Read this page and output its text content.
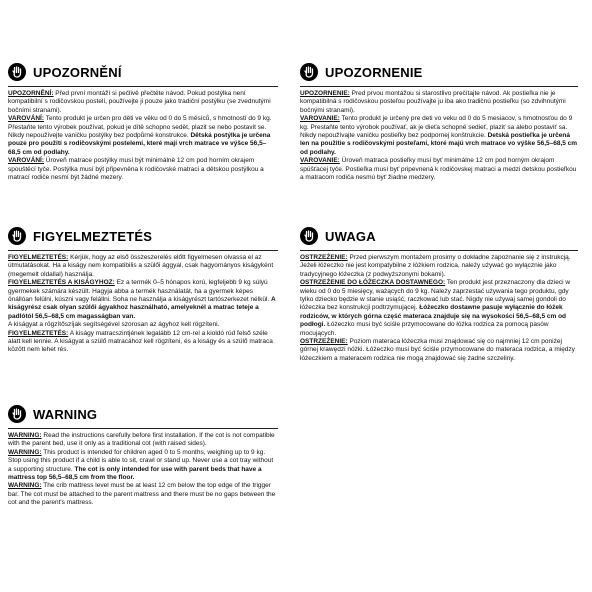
UPOZORNĚNÍ

UPOZORNĚNÍ: Před první montáží si pečlivě přečtěte návod. Pokud postýlka není kompatibilní s rodičovskou postelí, používejte ji pouze jako tradiční postýlku (se zvednutými bočními stranami).

VAROVÁNÍ: Tento produkt je určen pro děti ve věku od 0 do 5 měsíců, s hmotností do 9 kg. Přestaňte tento výrobek používat, pokud je dítě schopno sedět, plazit se nebo postavit se. Nikdy nepoužívejte vaničku postýlky bez podpůrné konstrukce. Dětská postýlka je určena pouze pro použití s rodičovskými postelemi, které mají vrch matrace ve výšce 56,5–68,5 cm od podlahy.

VAROVÁNÍ: Úroveň matrace postýlky musí být minimálně 12 cm pod horním okrajem spouštěcí tyče. Postýlka musí být připevněna k rodičovské matraci a dětskou postýlkou a matrací rodiče nesmí být žádné mezery.

FIGYELMEZTETÉS

FIGYELMEZTETÉS: Kérjük, hogy az első összeszerelés előtt figyelmesen olvassa el az útmutatásokat. Ha a kiságy nem kompatibilis a szülői ággyal, csak hagyományos kiságyként (megemelt oldallal) használja.

FIGYELMEZTETÉS A KISÁGYHOZ: Ez a termék 0–5 hónapos korú, legfeljebb 9 kg súlyú gyermekek számára készült. Hagyja abba a termék használatát, ha a gyermek képes önállóan felülni, kúszni vagy felállni. Soha ne használja a kiságyrészt tartószerkezet nélkül. A kiságyrész csak olyan szülői ágyakhoz használható, amelyeknél a matrac teteje a padlótól 56,5–68,5 cm magasságban van.

A kiságyat a rögzítőszíjak segítségével szorosan az ágyhoz kell rögzíteni.

FIGYELMEZTETÉS: A kiságy matracszintjének legalább 12 cm-rel a kioldó rúd felső széle alatt kell lennie. A kiságyat a szülő matracához kell rögzíteni, és a kiságy és a szülő matraca között nem lehet rés.

WARNING

WARNING: Read the instructions carefully before first installation. If the cot is not compatible with the parent bed, use it only as a traditional cot (with raised sides).

WARNING: This product is intended for children aged 0 to 5 months, weighing up to 9 kg. Stop using this product if a child is able to sit, crawl or stand up. Never use a cot tray without a supporting structure. The cot is only intended for use with parent beds that have a mattress top 56,5–68,5 cm from the floor.

WARNING: The crib mattress level must be at least 12 cm below the top edge of the trigger bar. The cot must be attached to the parent mattress and there must be no gaps between the cot and the parent's mattress.

UPOZORNENIE

UPOZORNENIE: Pred prvou montážou si starostlivo prečítajte návod. Ak postieľka nie je kompatibilná s rodičovskou posteľou používajte ju iba ako tradičnú postieľku (so zdvihnutými bočnými stranami).

VAROVANIE: Tento produkt je určený pre deti vo veku od 0 do 5 mesiacov, s hmotnosťou do 9 kg. Prestaňte tento výrobok používať, ak je dieťa schopné sedieť, plaziť sa alebo postaviť sa. Nikdy nepoužívajte vaničku postieľky bez podpornej konštrukcie. Detská postieľka je určená len na použitie s rodičovskými posteľami, ktoré majú vrch matrace vo výške 56,5–68,5 cm od podlahy.

VAROVANIE: Úroveň matraca postieľky musí byť minimálne 12 cm pod horným okrajom spúšťacej tyče. Postieľka musí byť pripevnená k rodičovskej matraci a medzi detskou postieľkou a matracom rodiča nesmú byť žiadne medzery.

UWAGA

OSTRZEŻENIE: Przed pierwszym montażem prosimy o dokładne zapoznanie się z instrukcją. Jeżeli łóżeczko nie jest kompatybilne z łóżkiem rodzica, należy używać go wyłącznie jako tradycyjnego łóżeczka (z podwyższonymi bokami).

OSTRZEŻENIE DO ŁÓŻECZKA DOSTAWNEGO: Ten produkt jest przeznaczony dla dzieci w wieku od 0 do 5 miesięcy, ważących do 9 kg. Należy zaprzestać używania tego produktu, gdy tylko dziecko będzie w stanie usiąść, raczkować lub stać. Nigdy nie używaj samej gondoli do łóżeczka bez konstrukcji podtrzymującej. Łóżeczko dostawne pasuje wyłącznie do łóżek rodziców, w których górna część materaca znajduje się na wysokości 56,5–68,5 cm od podłogi. Łóżeczko musi być ściśle przymocowane do łóżka rodzica za pomocą pasów mocujących.

OSTRZEŻENIE: Poziom materaca łóżeczka musi znajdować się co najmniej 12 cm poniżej górnej krawędzi nóżki. Łóżeczko musi być ściśle przymocowane do materaca rodzica, a między łóżeczkiem a materacem rodzica nie mogą znajdować się żadne szczeliny.
